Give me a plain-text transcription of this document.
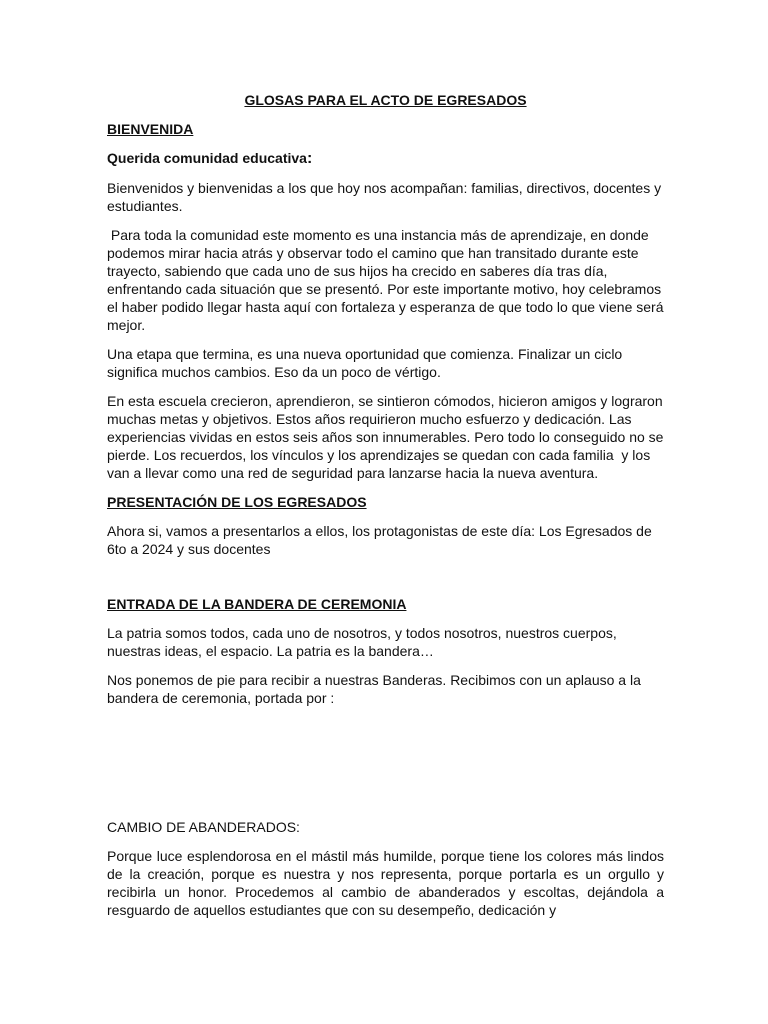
GLOSAS PARA EL ACTO DE EGRESADOS
BIENVENIDA
Querida comunidad educativa:

Bienvenidos y bienvenidas a los que hoy nos acompañan: familias, directivos, docentes y estudiantes.

Para toda la comunidad este momento es una instancia más de aprendizaje, en donde podemos mirar hacia atrás y observar todo el camino que han transitado durante este trayecto, sabiendo que cada uno de sus hijos ha crecido en saberes día tras día, enfrentando cada situación que se presentó. Por este importante motivo, hoy celebramos el haber podido llegar hasta aquí con fortaleza y esperanza de que todo lo que viene será mejor.

Una etapa que termina, es una nueva oportunidad que comienza. Finalizar un ciclo significa muchos cambios. Eso da un poco de vértigo.

En esta escuela crecieron, aprendieron, se sintieron cómodos, hicieron amigos y lograron muchas metas y objetivos. Estos años requirieron mucho esfuerzo y dedicación. Las experiencias vividas en estos seis años son innumerables. Pero todo lo conseguido no se pierde. Los recuerdos, los vínculos y los aprendizajes se quedan con cada familia  y los van a llevar como una red de seguridad para lanzarse hacia la nueva aventura.

PRESENTACIÓN DE LOS EGRESADOS

Ahora si, vamos a presentarlos a ellos, los protagonistas de este día: Los Egresados de 6to a 2024 y sus docentes

ENTRADA DE LA BANDERA DE CEREMONIA

La patria somos todos, cada uno de nosotros, y todos nosotros, nuestros cuerpos, nuestras ideas, el espacio. La patria es la bandera…

Nos ponemos de pie para recibir a nuestras Banderas. Recibimos con un aplauso a la bandera de ceremonia, portada por :

CAMBIO DE ABANDERADOS:

Porque luce esplendorosa en el mástil más humilde, porque tiene los colores más lindos de la creación, porque es nuestra y nos representa, porque portarla es un orgullo y recibirla un honor. Procedemos al cambio de abanderados y escoltas, dejándola a resguardo de aquellos estudiantes que con su desempeño, dedicación y
